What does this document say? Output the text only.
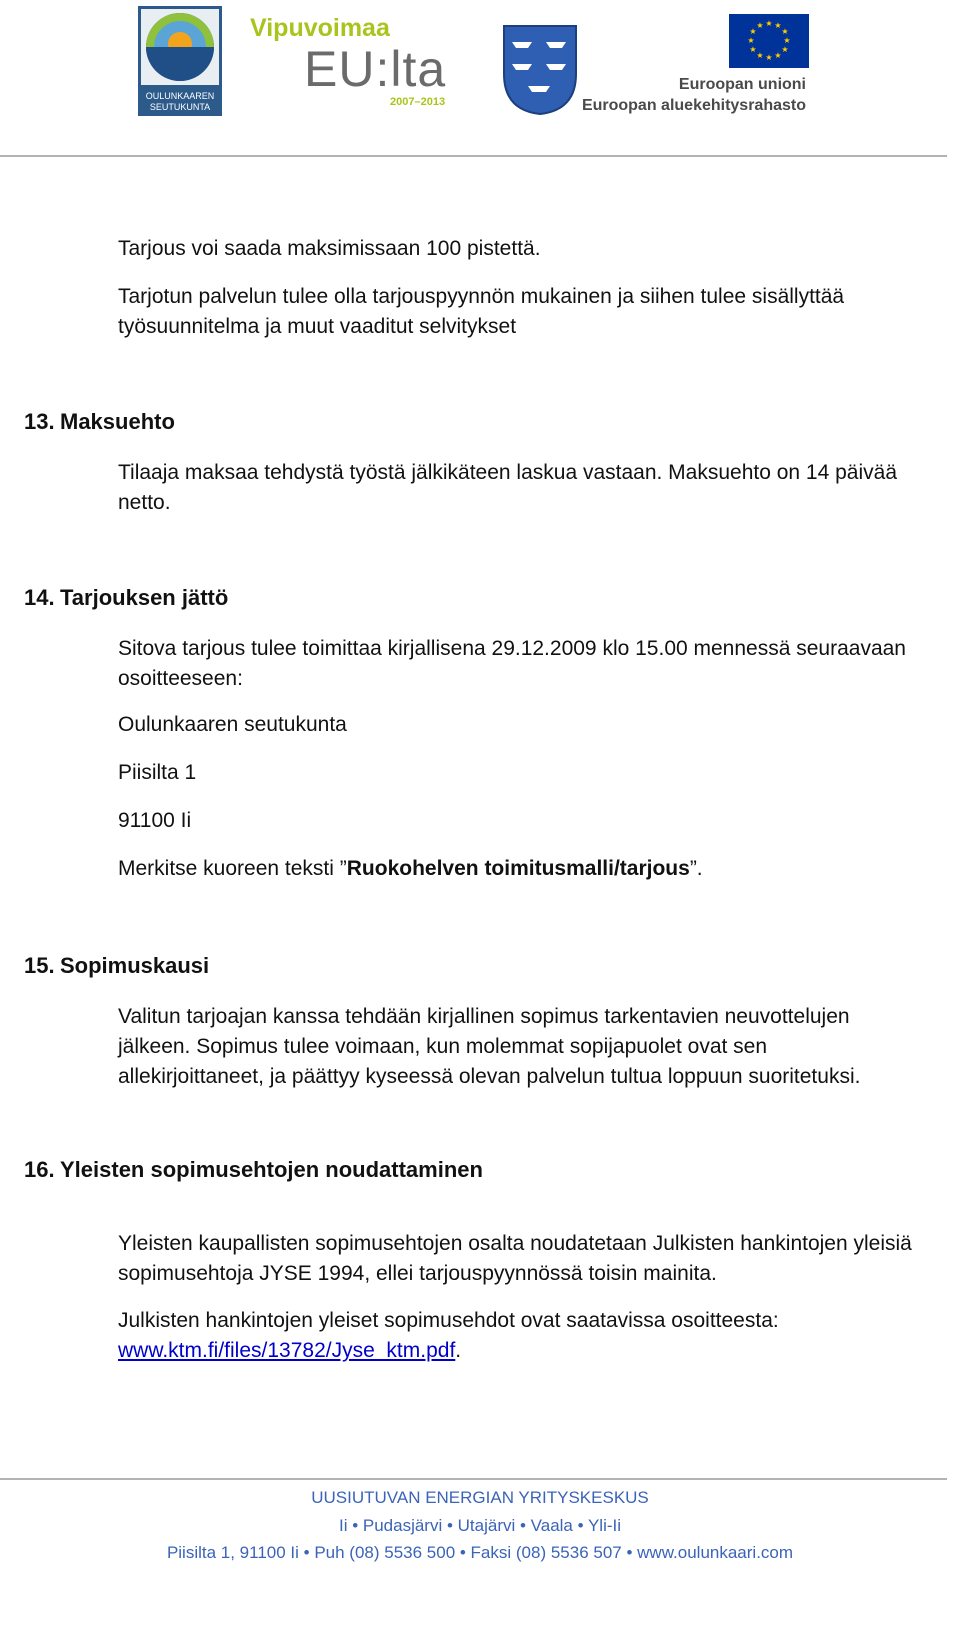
OULUNKAAREN
SEUTUKUNTA
Vipuvoimaa
EU:lta
2007–2013
★ ★
★
★
★
★
★
★
★
★
★
★
Euroopan unioni
Euroopan aluekehitysrahasto
Tarjous voi saada maksimissaan 100 pistettä.
Tarjotun palvelun tulee olla tarjouspyynnön mukainen ja siihen tulee sisällyttää
työsuunnitelma ja muut vaaditut selvitykset
13. Maksuehto
Tilaaja maksaa tehdystä työstä jälkikäteen laskua vastaan. Maksuehto on 14 päivää
netto.
14. Tarjouksen jättö
Sitova tarjous tulee toimittaa kirjallisena 29.12.2009 klo 15.00 mennessä seuraavaan
osoitteeseen:
Oulunkaaren seutukunta
Piisilta 1
91100 Ii
Merkitse kuoreen teksti ”Ruokohelven toimitusmalli/tarjous”.
15. Sopimuskausi
Valitun tarjoajan kanssa tehdään kirjallinen sopimus tarkentavien neuvottelujen
jälkeen. Sopimus tulee voimaan, kun molemmat sopijapuolet ovat sen
allekirjoittaneet, ja päättyy kyseessä olevan palvelun tultua loppuun suoritetuksi.
16. Yleisten sopimusehtojen noudattaminen
Yleisten kaupallisten sopimusehtojen osalta noudatetaan Julkisten hankintojen yleisiä
sopimusehtoja JYSE 1994, ellei tarjouspyynnössä toisin mainita.
Julkisten hankintojen yleiset sopimusehdot ovat saatavissa osoitteesta:
www.ktm.fi/files/13782/Jyse_ktm.pdf.
UUSIUTUVAN ENERGIAN YRITYSKESKUS
Ii • Pudasjärvi • Utajärvi • Vaala • Yli-Ii
Piisilta 1, 91100 Ii • Puh (08) 5536 500 • Faksi (08) 5536 507 • www.oulunkaari.com
